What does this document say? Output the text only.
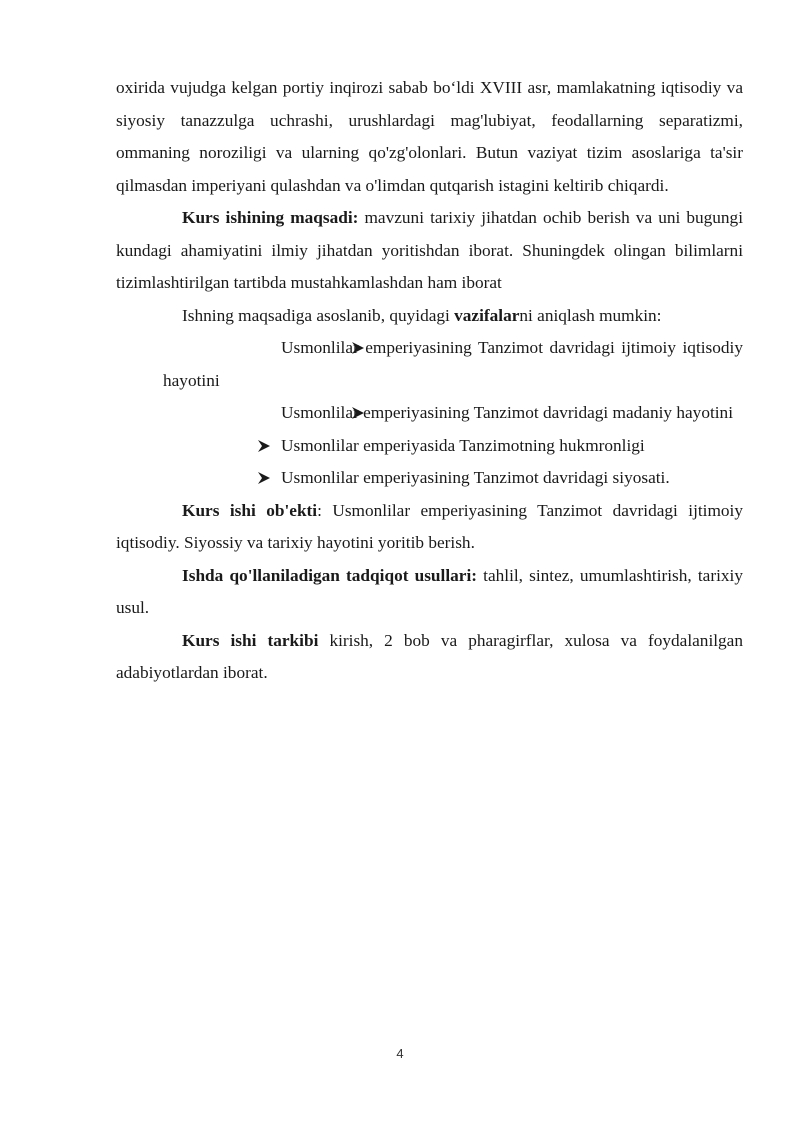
oxirida vujudga kelgan portiy inqirozi sabab bo‘ldi XVIII asr, mamlakatning iqtisodiy va siyosiy tanazzulga uchrashi, urushlardagi mag'lubiyat, feodallarning separatizmi, ommaning noroziligi va ularning qo'zg'olonlari. Butun vaziyat tizim asoslariga ta'sir qilmasdan imperiyani qulashdan va o'limdan qutqarish istagini keltirib chiqardi.

Kurs ishining maqsadi: mavzuni tarixiy jihatdan ochib berish va uni bugungi kundagi ahamiyatini ilmiy jihatdan yoritishdan iborat. Shuningdek olingan bilimlarni tizimlashtirilgan tartibda mustahkamlashdan ham iborat

Ishning maqsadiga asoslanib, quyidagi vazifalarni aniqlash mumkin:

Usmonlilar emperiyasining Tanzimot davridagi ijtimoiy iqtisodiy hayotini

Usmonlilar emperiyasining Tanzimot davridagi madaniy hayotini

Usmonlilar emperiyasida Tanzimotning hukmronligi

Usmonlilar emperiyasining Tanzimot davridagi siyosati.

Kurs ishi ob'ekti: Usmonlilar emperiyasining Tanzimot davridagi ijtimoiy iqtisodiy. Siyossiy va tarixiy hayotini yoritib berish.

Ishda qo'llaniladigan tadqiqot usullari: tahlil, sintez, umumlashtirish, tarixiy usul.

Kurs ishi tarkibi kirish, 2 bob va pharagirflar, xulosa va foydalanilgan adabiyotlardan iborat.

4
